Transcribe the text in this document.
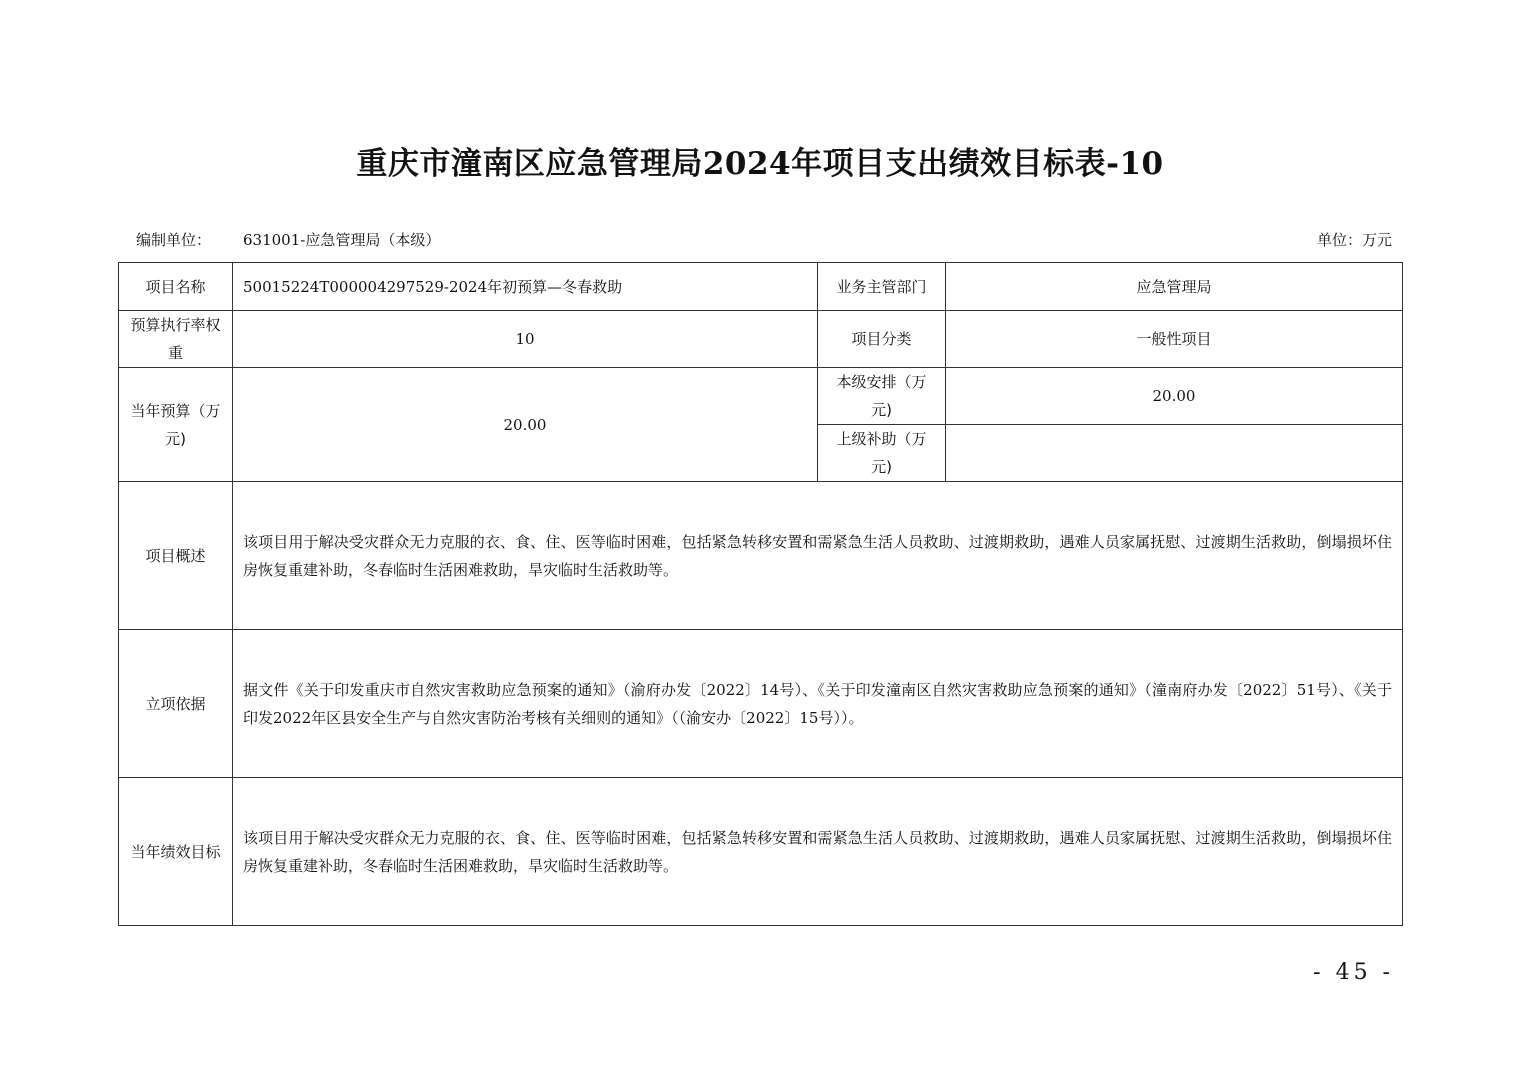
重庆市潼南区应急管理局2024年项目支出绩效目标表-10
编制单位： 631001-应急管理局（本级）	单位：万元
项目名称	50015224T000004297529-2024年初预算—冬春救助	业务主管部门	应急管理局
预算执行率权重	10	项目分类	一般性项目
当年预算（万元)	20.00	本级安排（万元)	20.00
		上级补助（万元)	
项目概述	该项目用于解决受灾群众无力克服的衣、食、住、医等临时困难，包括紧急转移安置和需紧急生活人员救助、过渡期救助，遇难人员家属抚慰、过渡期生活救助，倒塌损坏住房恢复重建补助，冬春临时生活困难救助，旱灾临时生活救助等。		
立项依据	据文件《关于印发重庆市自然灾害救助应急预案的通知》（渝府办发〔2022〕14号）、《关于印发潼南区自然灾害救助应急预案的通知》（潼南府办发〔2022〕51号）、《关于印发2022年区县安全生产与自然灾害防治考核有关细则的通知》（（渝安办〔2022〕15号））。		
当年绩效目标	该项目用于解决受灾群众无力克服的衣、食、住、医等临时困难，包括紧急转移安置和需紧急生活人员救助、过渡期救助，遇难人员家属抚慰、过渡期生活救助，倒塌损坏住房恢复重建补助，冬春临时生活困难救助，旱灾临时生活救助等。		
- 45 -
